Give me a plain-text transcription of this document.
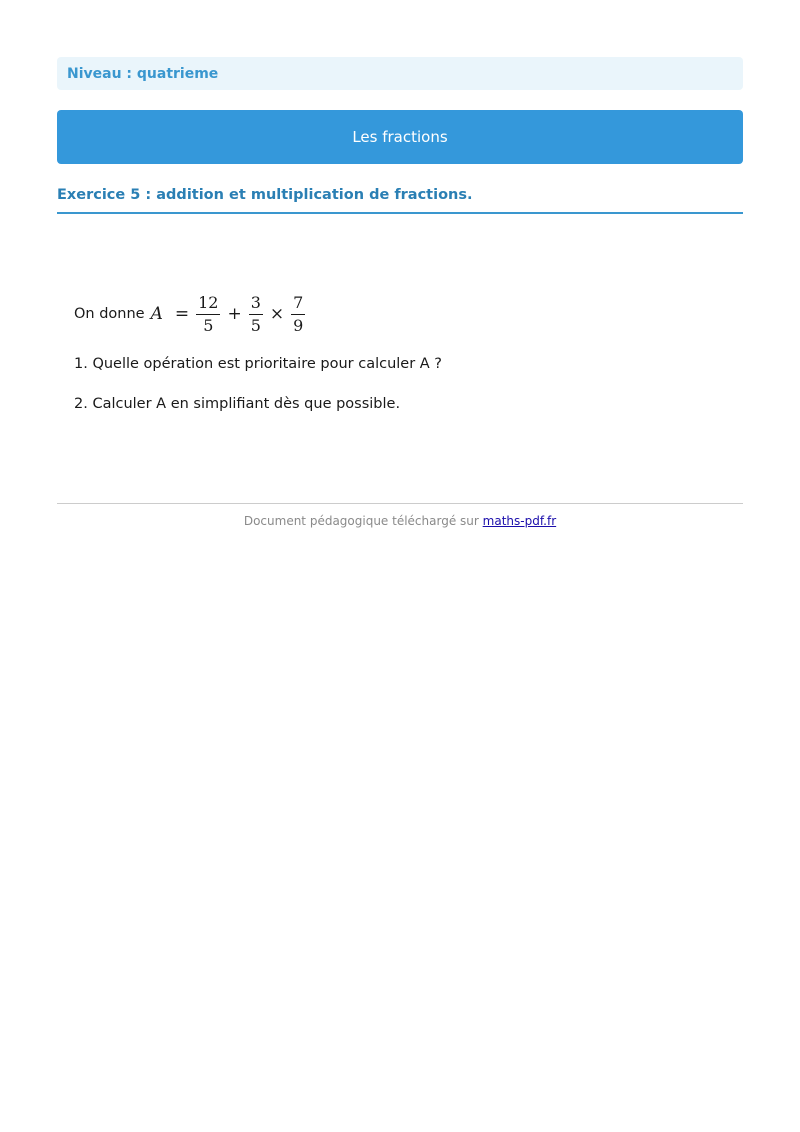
Niveau : quatrieme
Les fractions
Exercice 5 : addition et multiplication de fractions.
On donne $A = \frac{12}{5} + \frac{3}{5} \times \frac{7}{9}$
1. Quelle opération est prioritaire pour calculer A ?
2. Calculer A en simplifiant dès que possible.
Document pédagogique téléchargé sur maths-pdf.fr
